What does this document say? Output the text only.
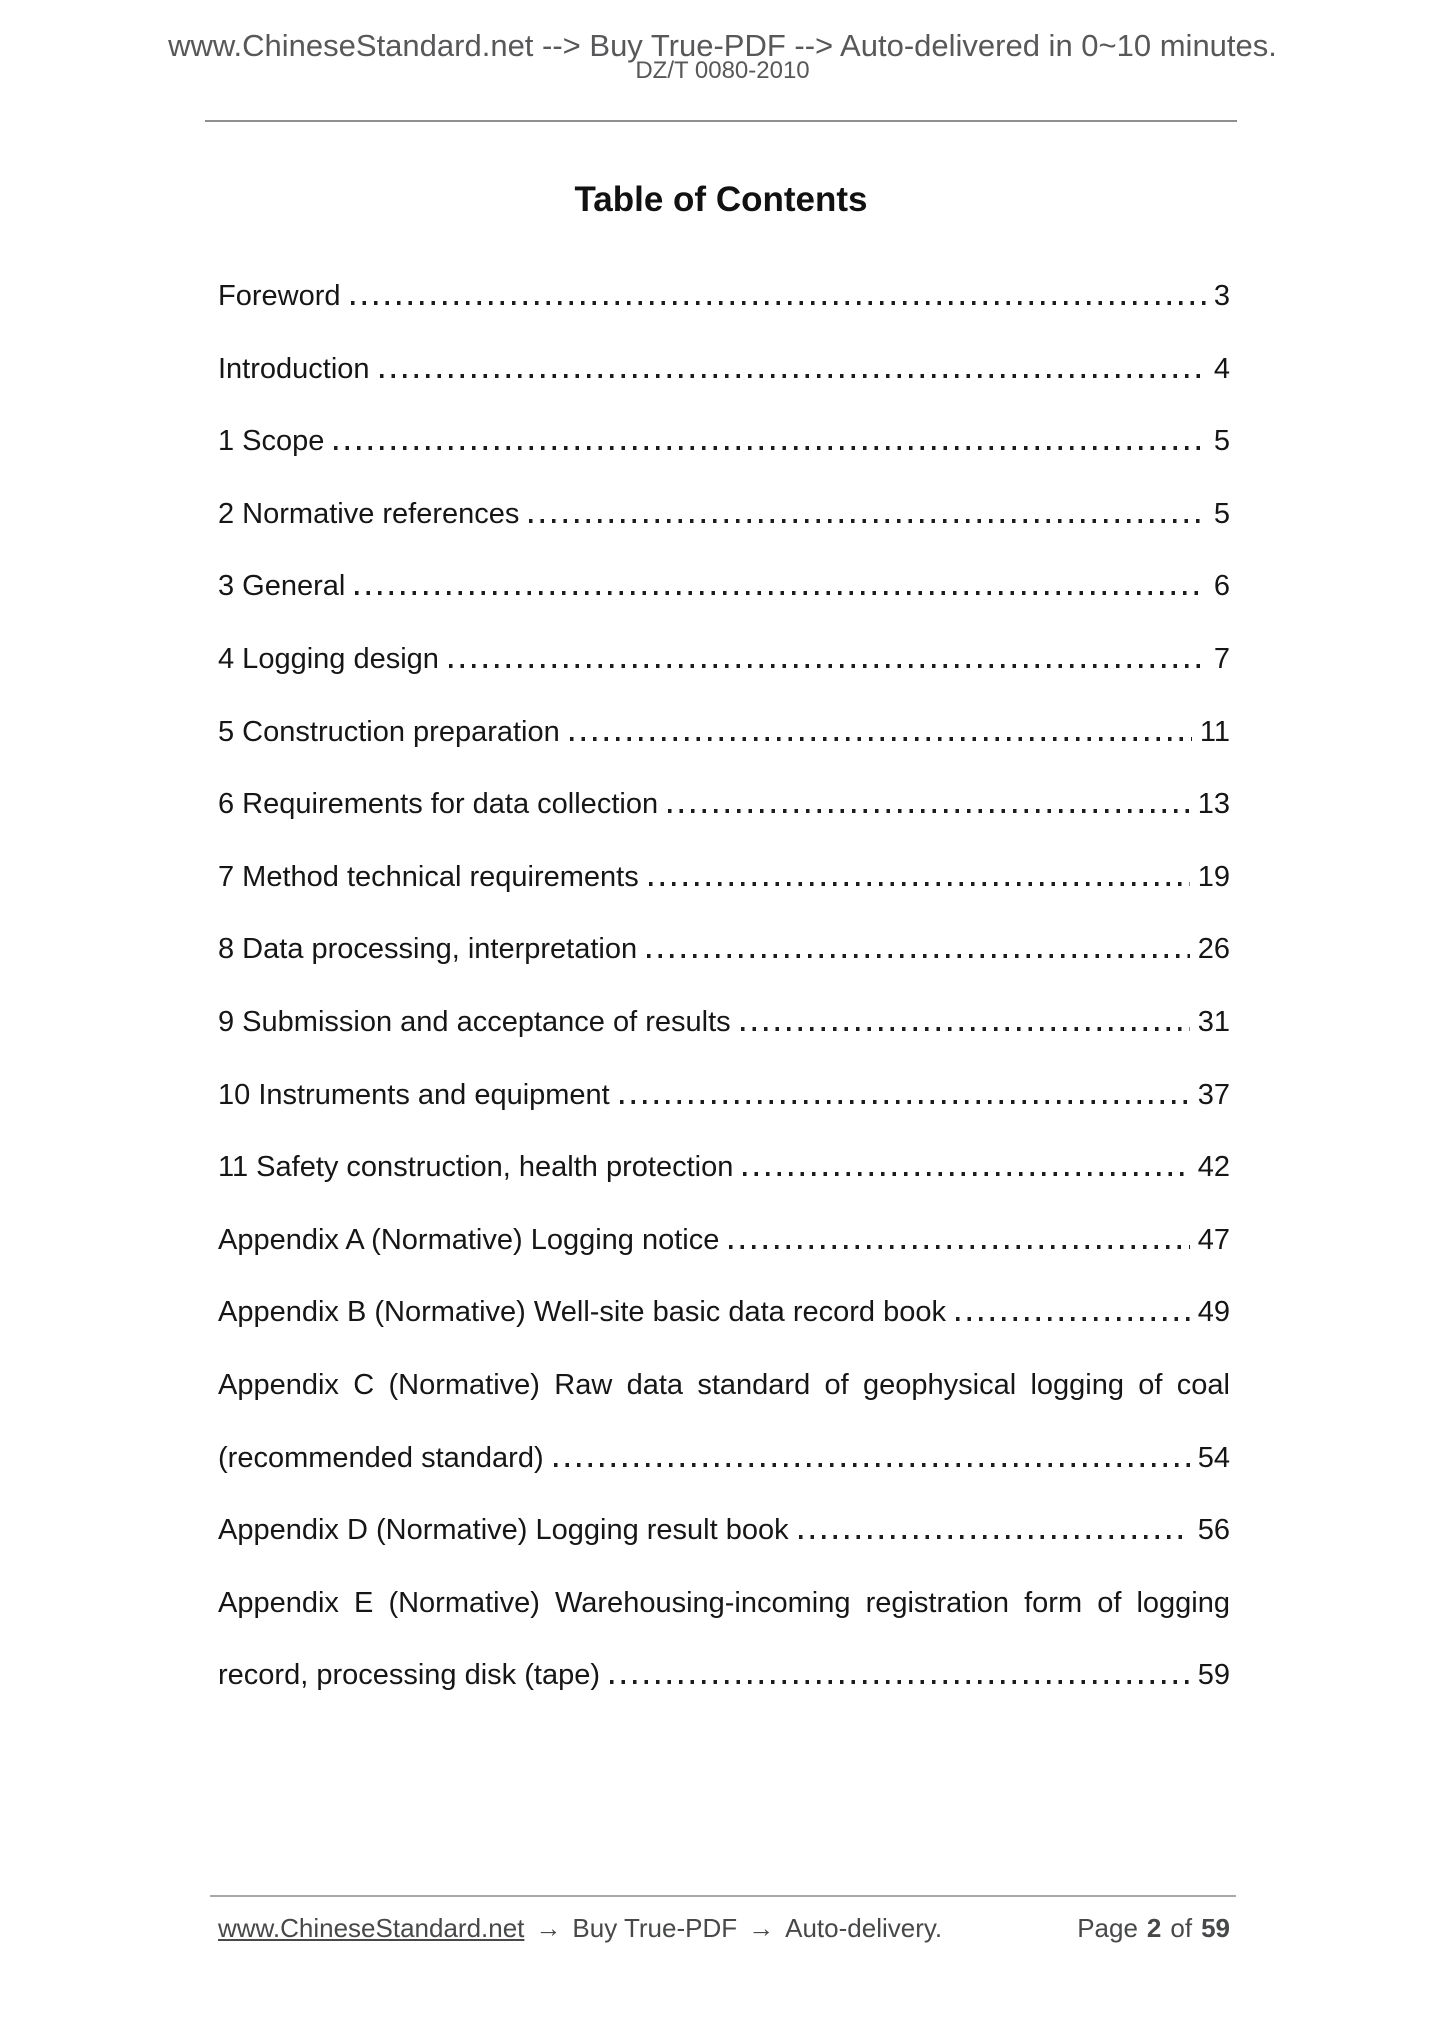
www.ChineseStandard.net --> Buy True-PDF --> Auto-delivered in 0~10 minutes.
DZ/T 0080-2010
Table of Contents
Foreword	3
Introduction	4
1 Scope	5
2 Normative references	5
3 General	6
4 Logging design	7
5 Construction preparation	11
6 Requirements for data collection	13
7 Method technical requirements	19
8 Data processing, interpretation	26
9 Submission and acceptance of results	31
10 Instruments and equipment	37
11 Safety construction, health protection	42
Appendix A (Normative) Logging notice	47
Appendix B (Normative) Well-site basic data record book	49
Appendix C (Normative) Raw data standard of geophysical logging of coal
(recommended standard)	54
Appendix D (Normative) Logging result book	56
Appendix E (Normative) Warehousing-incoming registration form of logging
record, processing disk (tape)	59
www.ChineseStandard.net → Buy True-PDF → Auto-delivery.	Page 2 of 59
